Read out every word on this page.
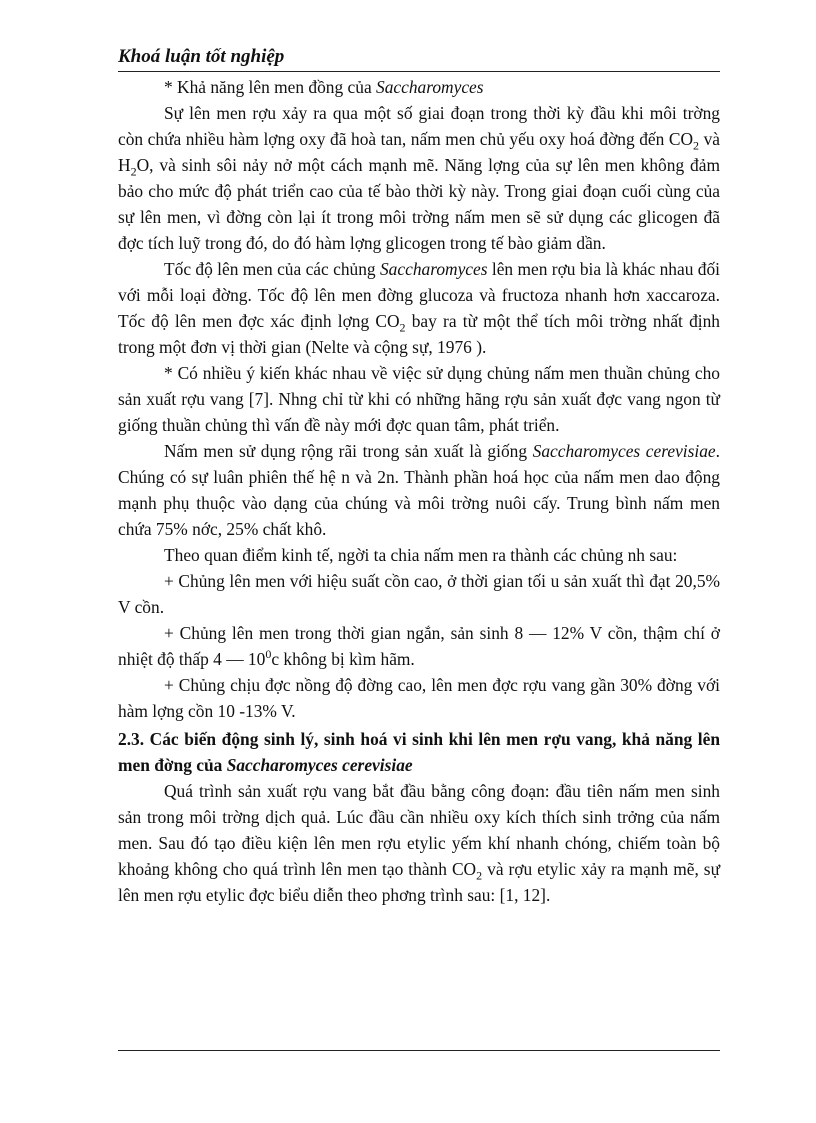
Khoá luận tốt nghiệp

* Khả năng lên men đồng của Saccharomyces

Sự lên men rợu xảy ra qua một số giai đoạn trong thời kỳ đầu khi môi trờng còn chứa nhiều hàm lợng oxy đã hoà tan, nấm men chủ yếu oxy hoá đờng đến $CO_2$ và $H_2O$, và sinh sôi nảy nở một cách mạnh mẽ. Năng lợng của sự lên men không đảm bảo cho mức độ phát triển cao của tế bào thời kỳ này. Trong giai đoạn cuối cùng của sự lên men, vì đờng còn lại ít trong môi trờng nấm men sẽ sử dụng các glicogen đã đợc tích luỹ trong đó, do đó hàm lợng glicogen trong tế bào giảm dần.

Tốc độ lên men của các chủng Saccharomyces lên men rợu bia là khác nhau đối với mỗi loại đờng. Tốc độ lên men đờng glucoza và fructoza nhanh hơn xaccaroza. Tốc độ lên men đợc xác định lợng $CO_2$ bay ra từ một thể tích môi trờng nhất định trong một đơn vị thời gian (Nelte và cộng sự, 1976 ).

* Có nhiều ý kiến khác nhau về việc sử dụng chủng nấm men thuần chủng cho sản xuất rợu vang [7]. Nhng chỉ từ khi có những hãng rợu sản xuất đợc vang ngon từ giống thuần chủng thì vấn đề này mới đợc quan tâm, phát triển.

Nấm men sử dụng rộng rãi trong sản xuất là giống Saccharomyces cerevisiae. Chúng có sự luân phiên thế hệ n và 2n. Thành phần hoá học của nấm men dao động mạnh phụ thuộc vào dạng của chúng và môi trờng nuôi cấy. Trung bình nấm men chứa 75% nớc, 25% chất khô.

Theo quan điểm kinh tế, ngời ta chia nấm men ra thành các chủng nh sau:

+ Chủng lên men với hiệu suất cồn cao, ở thời gian tối u sản xuất thì đạt 20,5% V cồn.

+ Chủng lên men trong thời gian ngắn, sản sinh 8 — 12% V cồn, thậm chí ở nhiệt độ thấp 4 — $10^0c$ không bị kìm hãm.

+ Chủng chịu đợc nồng độ đờng cao, lên men đợc rợu vang gần 30% đờng với hàm lợng cồn 10 -13% V.

2.3. Các biến động sinh lý, sinh hoá vi sinh khi lên men rợu vang, khả năng lên men đờng của Saccharomyces cerevisiae

Quá trình sản xuất rợu vang bắt đầu bằng công đoạn: đầu tiên nấm men sinh sản trong môi trờng dịch quả. Lúc đầu cần nhiều oxy kích thích sinh trởng của nấm men. Sau đó tạo điều kiện lên men rợu etylic yếm khí nhanh chóng, chiếm toàn bộ khoảng không cho quá trình lên men tạo thành $CO_2$ và rợu etylic xảy ra mạnh mẽ, sự lên men rợu etylic đợc biểu diễn theo phơng trình sau: [1, 12].
